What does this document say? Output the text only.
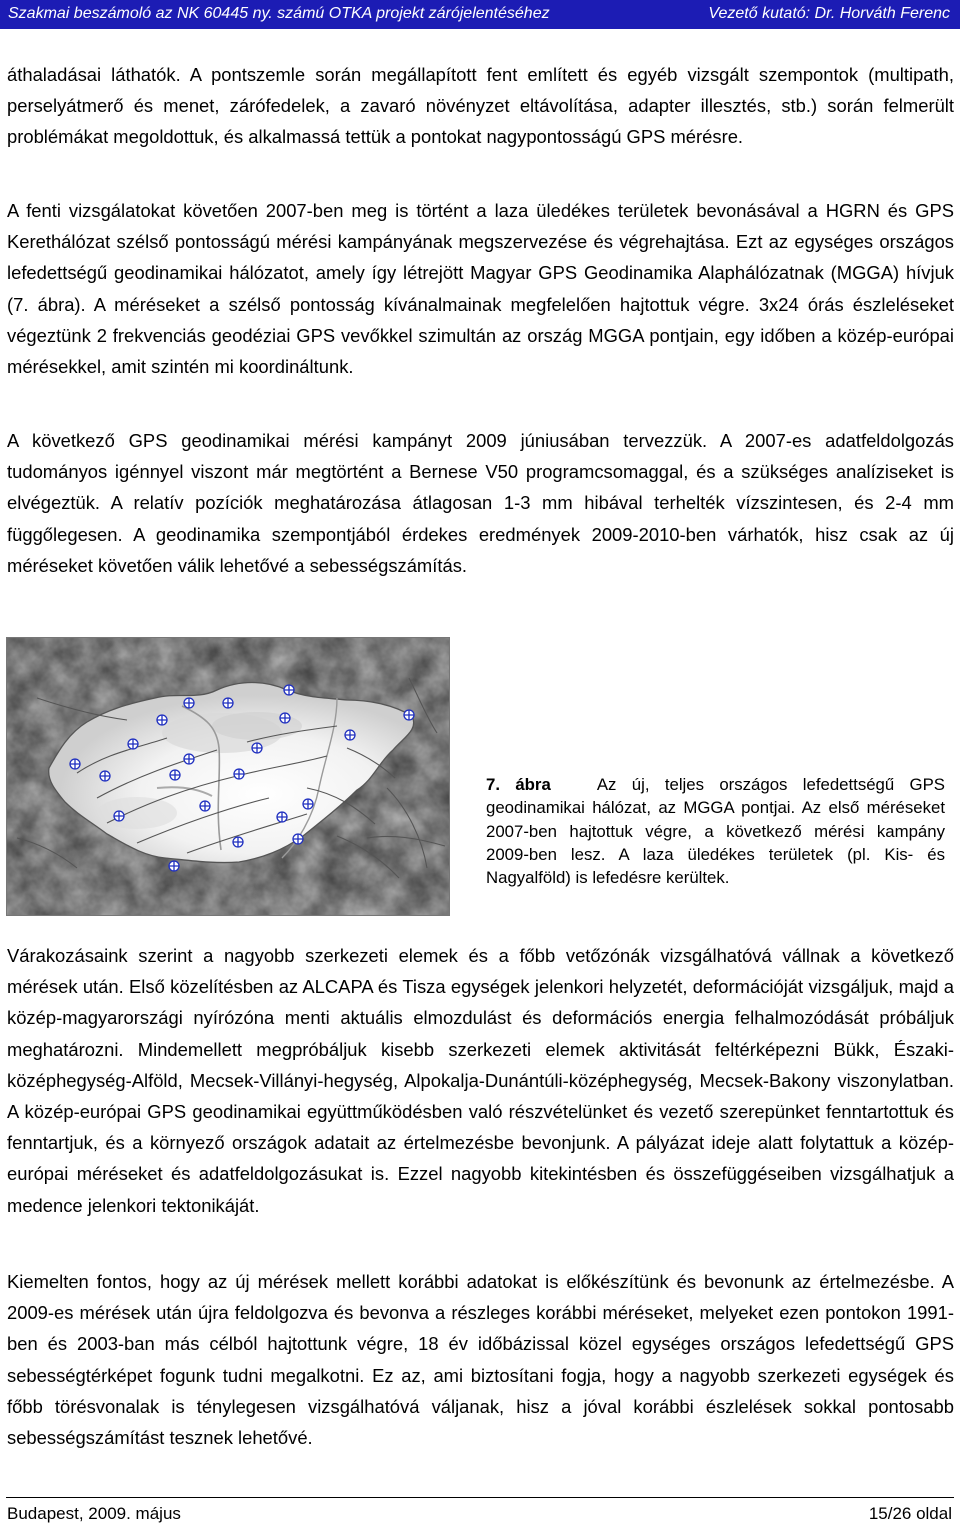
Szakmai beszámoló az NK 60445 ny. számú OTKA projekt zárójelentéséhez	Vezető kutató: Dr. Horváth Ferenc

áthaladásai láthatók. A pontszemle során megállapított fent említett és egyéb vizsgált szempontok (multipath, perselyátmerő és menet, zárófedelek, a zavaró növényzet eltávolítása, adapter illesztés, stb.) során felmerült problémákat megoldottuk, és alkalmassá tettük a pontokat nagypontosságú GPS mérésre.

A fenti vizsgálatokat követően 2007-ben meg is történt a laza üledékes területek bevonásával a HGRN és GPS Kerethálózat szélső pontosságú mérési kampányának megszervezése és végrehajtása. Ezt az egységes országos lefedettségű geodinamikai hálózatot, amely így létrejött Magyar GPS Geodinamika Alaphálózatnak (MGGA) hívjuk (7. ábra). A méréseket a szélső pontosság kívánalmainak megfelelően hajtottuk végre. 3x24 órás észleléseket végeztünk 2 frekvenciás geodéziai GPS vevőkkel szimultán az ország MGGA pontjain, egy időben a közép-európai mérésekkel, amit szintén mi koordináltunk.

A következő GPS geodinamikai mérési kampányt 2009 júniusában tervezzük. A 2007-es adatfeldolgozás tudományos igénnyel viszont már megtörtént a Bernese V50 programcsomaggal, és a szükséges analíziseket is elvégeztük. A relatív pozíciók meghatározása átlagosan 1-3 mm hibával terhelték vízszintesen, és 2-4 mm függőlegesen. A geodinamika szempontjából érdekes eredmények 2009-2010-ben várhatók, hisz csak az új méréseket követően válik lehetővé a sebességszámítás.

7. ábra	Az új, teljes országos lefedettségű GPS geodinamikai hálózat, az MGGA pontjai. Az első méréseket 2007-ben hajtottuk végre, a következő mérési kampány 2009-ben lesz. A laza üledékes területek (pl. Kis- és Nagyalföld) is lefedésre kerültek.

Várakozásaink szerint a nagyobb szerkezeti elemek és a főbb vetőzónák vizsgálhatóvá vállnak a következő mérések után. Első közelítésben az ALCAPA és Tisza egységek jelenkori helyzetét, deformációját vizsgáljuk, majd a közép-magyarországi nyírózóna menti aktuális elmozdulást és deformációs energia felhalmozódását próbáljuk meghatározni. Mindemellett megpróbáljuk kisebb szerkezeti elemek aktivitását feltérképezni Bükk, Északi-középhegység-Alföld, Mecsek-Villányi-hegység, Alpokalja-Dunántúli-középhegység, Mecsek-Bakony viszonylatban. A közép-európai GPS geodinamikai együttműködésben való részvételünket és vezető szerepünket fenntartottuk és fenntartjuk, és a környező országok adatait az értelmezésbe bevonjunk. A pályázat ideje alatt folytattuk a közép-európai méréseket és adatfeldolgozásukat is. Ezzel nagyobb kitekintésben és összefüggéseiben vizsgálhatjuk a medence jelenkori tektonikáját.

Kiemelten fontos, hogy az új mérések mellett korábbi adatokat is előkészítünk és bevonunk az értelmezésbe. A 2009-es mérések után újra feldolgozva és bevonva a részleges korábbi méréseket, melyeket ezen pontokon 1991-ben és 2003-ban más célból hajtottunk végre, 18 év időbázissal közel egységes országos lefedettségű GPS sebességtérképet fogunk tudni megalkotni. Ez az, ami biztosítani fogja, hogy a nagyobb szerkezeti egységek és főbb törésvonalak is ténylegesen vizsgálhatóvá váljanak, hisz a jóval korábbi észlelések sokkal pontosabb sebességszámítást tesznek lehetővé.

Budapest, 2009. május	15/26 oldal
